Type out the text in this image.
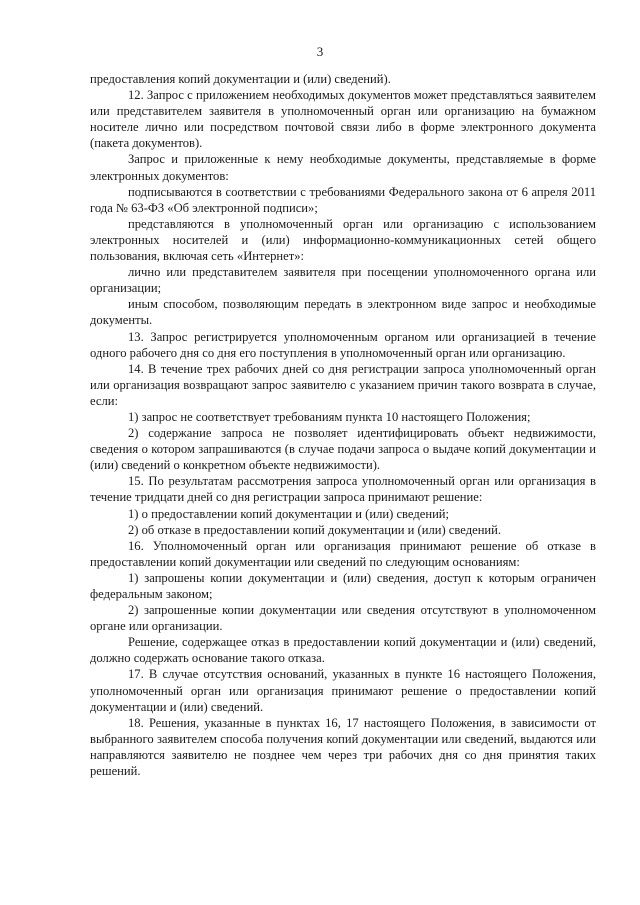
3

предоставления копий документации и (или) сведений).

12. Запрос с приложением необходимых документов может представляться заявителем или представителем заявителя в уполномоченный орган или организацию на бумажном носителе лично или посредством почтовой связи либо в форме электронного документа (пакета документов).

Запрос и приложенные к нему необходимые документы, представляемые в форме электронных документов:

подписываются в соответствии с требованиями Федерального закона от 6 апреля 2011 года № 63-ФЗ «Об электронной подписи»;

представляются в уполномоченный орган или организацию с использованием электронных носителей и (или) информационно-коммуникационных сетей общего пользования, включая сеть «Интернет»:

лично или представителем заявителя при посещении уполномоченного органа или организации;

иным способом, позволяющим передать в электронном виде запрос и необходимые документы.

13. Запрос регистрируется уполномоченным органом или организацией в течение одного рабочего дня со дня его поступления в уполномоченный орган или организацию.

14. В течение трех рабочих дней со дня регистрации запроса уполномоченный орган или организация возвращают запрос заявителю с указанием причин такого возврата в случае, если:

1) запрос не соответствует требованиям пункта 10 настоящего Положения;

2) содержание запроса не позволяет идентифицировать объект недвижимости, сведения о котором запрашиваются (в случае подачи запроса о выдаче копий документации и (или) сведений о конкретном объекте недвижимости).

15. По результатам рассмотрения запроса уполномоченный орган или организация в течение тридцати дней со дня регистрации запроса принимают решение:

1) о предоставлении копий документации и (или) сведений;

2) об отказе в предоставлении копий документации и (или) сведений.

16. Уполномоченный орган или организация принимают решение об отказе в предоставлении копий документации или сведений по следующим основаниям:

1) запрошены копии документации и (или) сведения, доступ к которым ограничен федеральным законом;

2) запрошенные копии документации или сведения отсутствуют в уполномоченном органе или организации.

Решение, содержащее отказ в предоставлении копий документации и (или) сведений, должно содержать основание такого отказа.

17. В случае отсутствия оснований, указанных в пункте 16 настоящего Положения, уполномоченный орган или организация принимают решение о предоставлении копий документации и (или) сведений.

18. Решения, указанные в пунктах 16, 17 настоящего Положения, в зависимости от выбранного заявителем способа получения копий документации или сведений, выдаются или направляются заявителю не позднее чем через три рабочих дня со дня принятия таких решений.
